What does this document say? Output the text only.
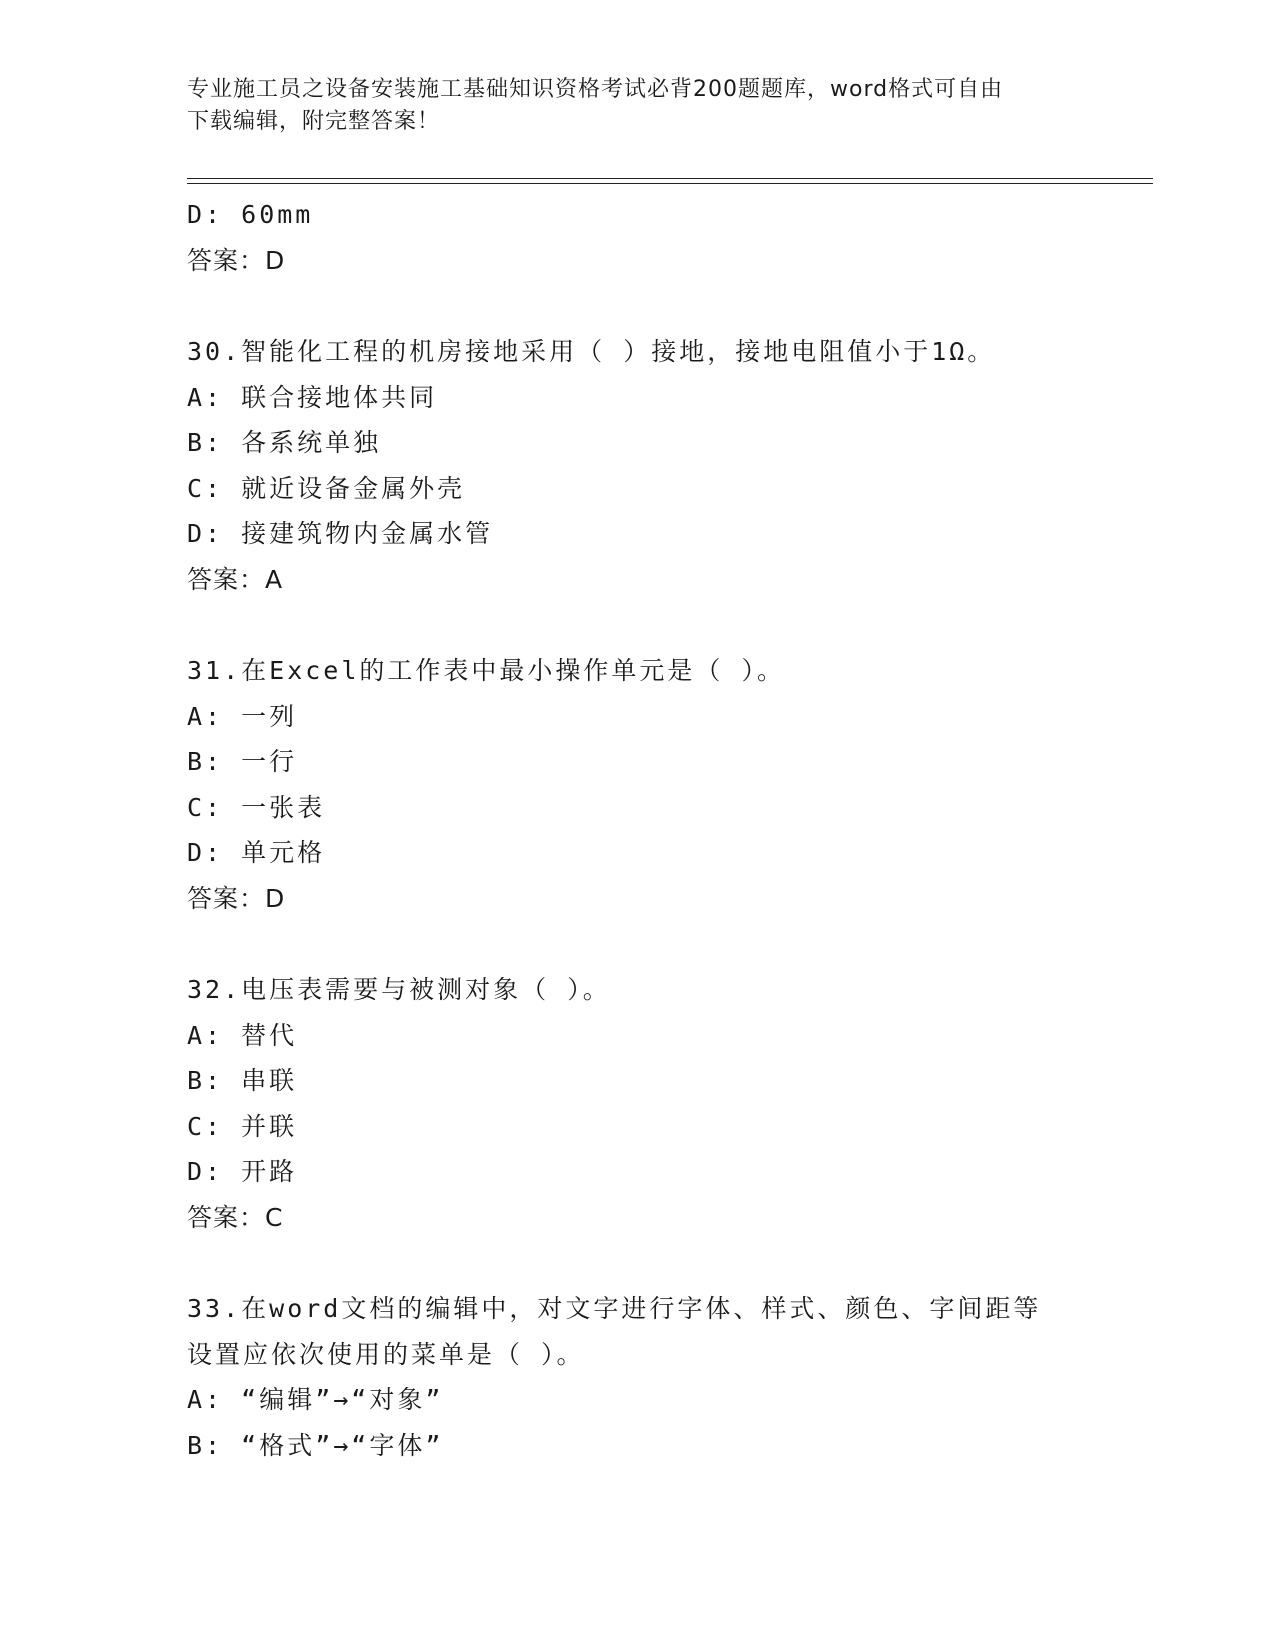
专业施工员之设备安装施工基础知识资格考试必背200题题库，word格式可自由
下载编辑，附完整答案！
D: 60mm
答案：D
30.智能化工程的机房接地采用（ ）接地，接地电阻值小于1Ω。
A: 联合接地体共同
B: 各系统单独
C: 就近设备金属外壳
D: 接建筑物内金属水管
答案：A
31.在Excel的工作表中最小操作单元是（ ）。
A: 一列
B: 一行
C: 一张表
D: 单元格
答案：D
32.电压表需要与被测对象（ ）。
A: 替代
B: 串联
C: 并联
D: 开路
答案：C
33.在word文档的编辑中，对文字进行字体、样式、颜色、字间距等
设置应依次使用的菜单是（ ）。
A: “编辑”→“对象”
B: “格式”→“字体”
